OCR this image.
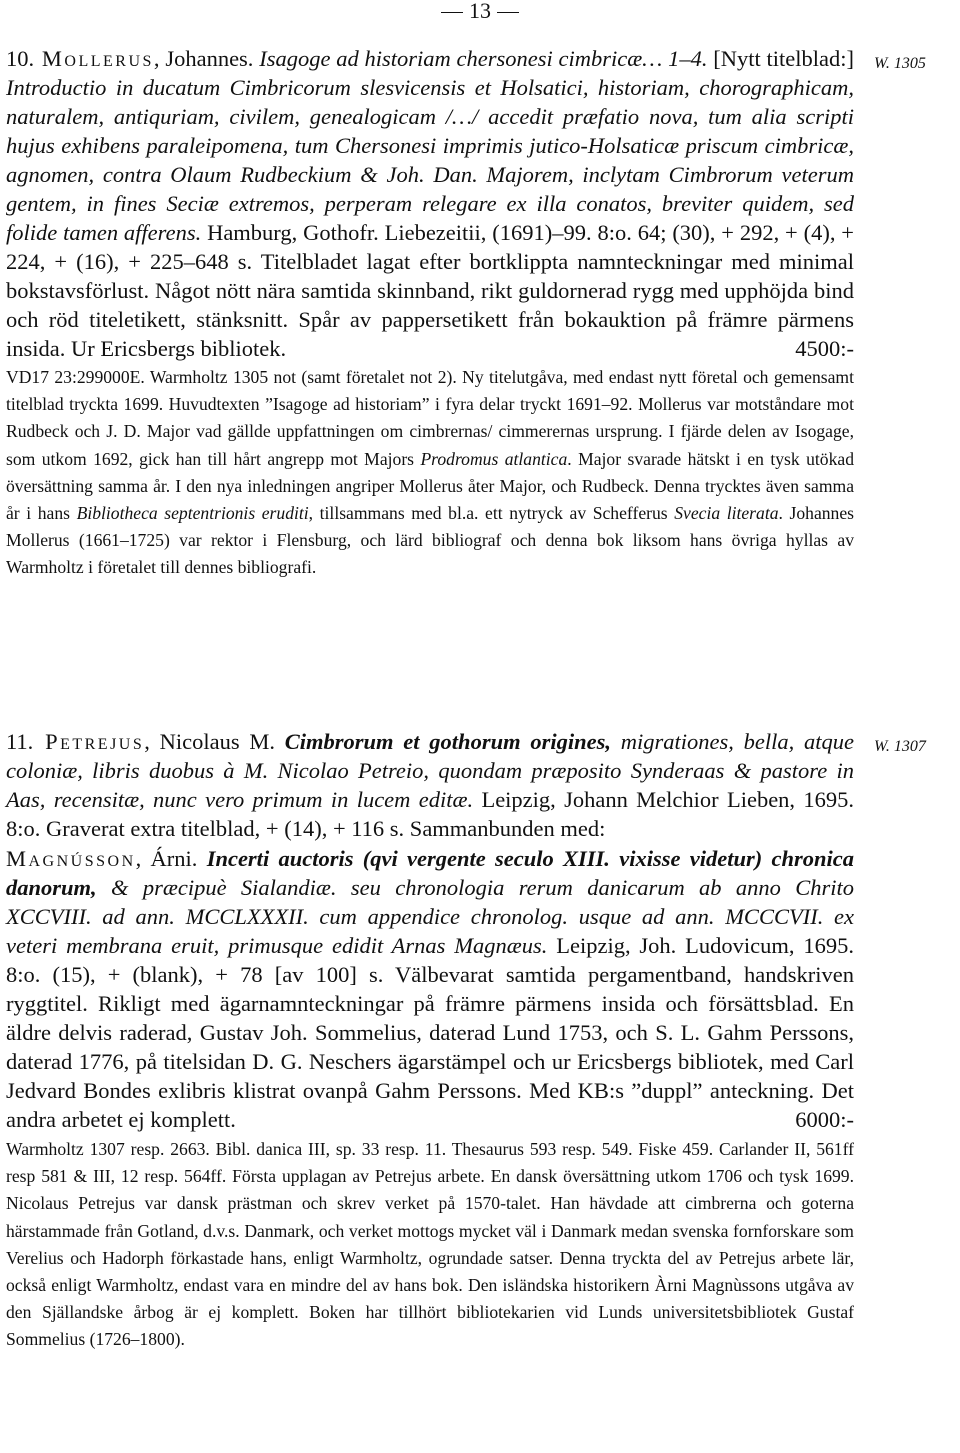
13

10. Mollerus, Johannes. Isagoge ad historiam chersonesi cimbricæ… 1–4. [Nytt titelblad:] Introductio in ducatum Cimbricorum slesvicensis et Holsatici, historiam, chorographicam, naturalem, antiquriam, civilem, genealogicam /…/ accedit præfatio nova, tum alia scripti hujus exhibens paraleipomena, tum Chersonesi imprimis jutico-Holsaticæ priscum cimbricæ, agnomen, contra Olaum Rudbeckium & Joh. Dan. Majorem, inclytam Cimbrorum veterum gentem, in fines Seciæ extremos, perperam relegare ex illa conatos, breviter quidem, sed folide tamen afferens. Hamburg, Gothofr. Liebezeitii, (1691)–99. 8:o. 64; (30), + 292, + (4), + 224, + (16), + 225–648 s. Titelbladet lagat efter bortklippta namnteckningar med minimal bokstavsförlust. Något nött nära samtida skinnband, rikt guldornerad rygg med upphöjda bind och röd titeletikett, stänksnitt. Spår av pappersetikett från bokauktion på främre pärmens insida. Ur Ericsbergs bibliotek.	4500:-

VD17 23:299000E. Warmholtz 1305 not (samt företalet not 2). Ny titelutgåva, med endast nytt företal och gemensamt titelblad tryckta 1699. Huvudtexten ”Isagoge ad historiam” i fyra delar tryckt 1691–92. Mollerus var motståndare mot Rudbeck och J. D. Major vad gällde uppfattningen om cimbrernas/ cimmerernas ursprung. I fjärde delen av Isogage, som utkom 1692, gick han till hårt angrepp mot Majors Prodromus atlantica. Major svarade hätskt i en tysk utökad översättning samma år. I den nya inledningen angriper Mollerus åter Major, och Rudbeck. Denna trycktes även samma år i hans Bibliotheca septentrionis eruditi, tillsammans med bl.a. ett nytryck av Schefferus Svecia literata. Johannes Mollerus (1661–1725) var rektor i Flensburg, och lärd bibliograf och denna bok liksom hans övriga hyllas av Warmholtz i företalet till dennes bibliografi.

W. 1305

11. Petrejus, Nicolaus M. Cimbrorum et gothorum origines, migrationes, bella, atque coloniæ, libris duobus à M. Nicolao Petreio, quondam præposito Synderaas & pastore in Aas, recensitæ, nunc vero primum in lucem editæ. Leipzig, Johann Melchior Lieben, 1695. 8:o. Graverat extra titelblad, + (14), + 116 s. Sammanbunden med:

Magnússon, Árni. Incerti auctoris (qvi vergente seculo XIII. vixisse videtur) chronica danorum, & præcipuè Sialandiæ. seu chronologia rerum danicarum ab anno Chrito XCCVIII. ad ann. MCCLXXXII. cum appendice chronolog. usque ad ann. MCCCVII. ex veteri membrana eruit, primusque edidit Arnas Magnæus. Leipzig, Joh. Ludovicum, 1695. 8:o. (15), + (blank), + 78 [av 100] s. Välbevarat samtida pergamentband, handskriven ryggtitel. Rikligt med ägarnamnteckningar på främre pärmens insida och försättsblad. En äldre delvis raderad, Gustav Joh. Sommelius, daterad Lund 1753, och S. L. Gahm Perssons, daterad 1776, på titelsidan D. G. Neschers ägarstämpel och ur Ericsbergs bibliotek, med Carl Jedvard Bondes exlibris klistrat ovanpå Gahm Perssons. Med KB:s ”duppl” anteckning. Det andra arbetet ej komplett.	6000:-

Warmholtz 1307 resp. 2663. Bibl. danica III, sp. 33 resp. 11. Thesaurus 593 resp. 549. Fiske 459. Carlander II, 561ff resp 581 & III, 12 resp. 564ff. Första upplagan av Petrejus arbete. En dansk översättning utkom 1706 och tysk 1699. Nicolaus Petrejus var dansk prästman och skrev verket på 1570-talet. Han hävdade att cimbrerna och goterna härstammade från Gotland, d.v.s. Danmark, och verket mottogs mycket väl i Danmark medan svenska fornforskare som Verelius och Hadorph förkastade hans, enligt Warmholtz, ogrundade satser. Denna tryckta del av Petrejus arbete lär, också enligt Warmholtz, endast vara en mindre del av hans bok. Den isländska historikern Àrni Magnùssons utgåva av den Själlandske årbog är ej komplett. Boken har tillhört bibliotekarien vid Lunds universitetsbibliotek Gustaf Sommelius (1726–1800).

W. 1307
